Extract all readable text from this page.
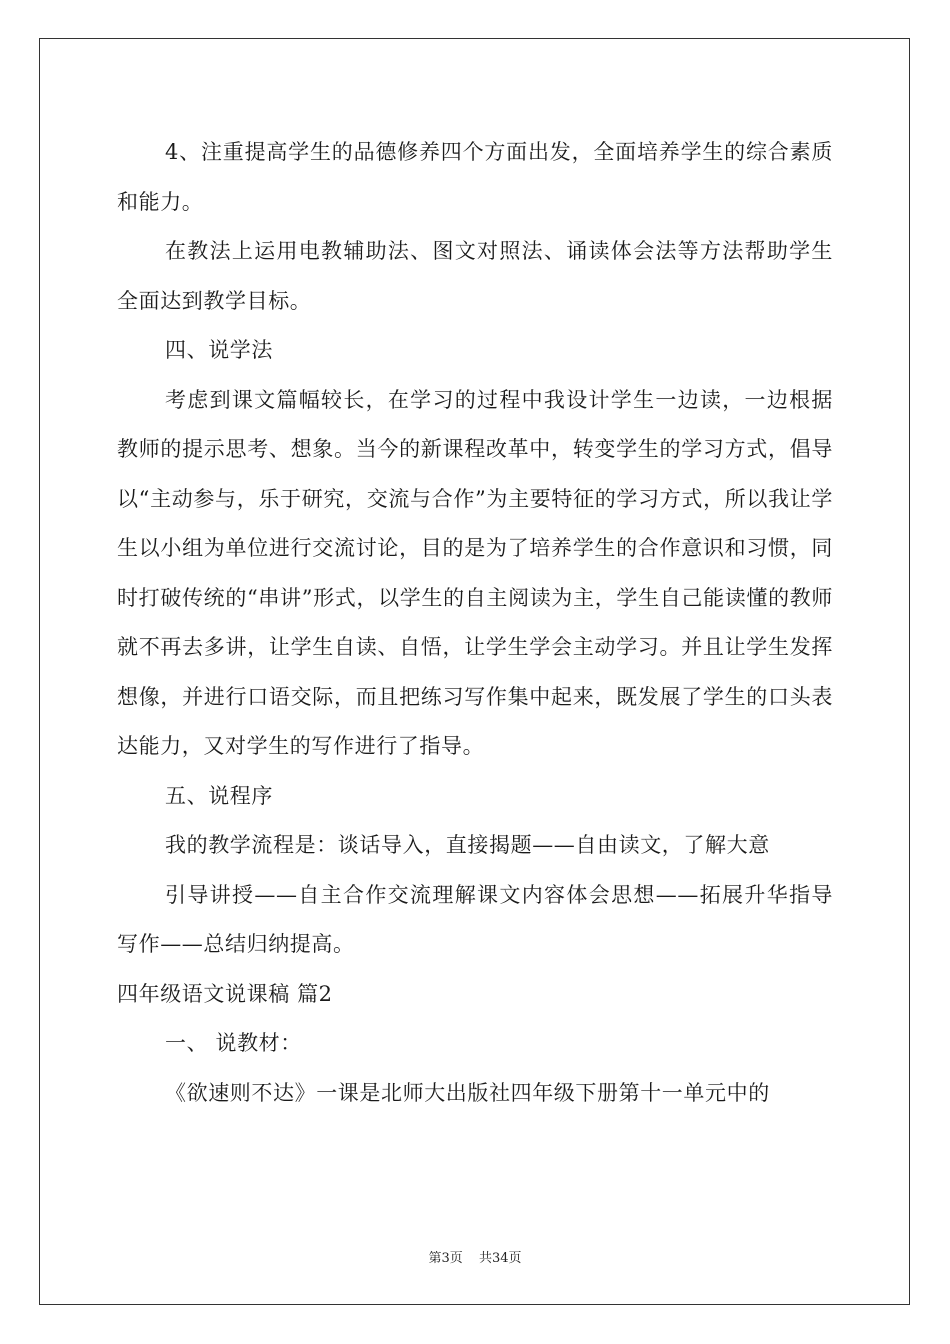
4、注重提高学生的品德修养四个方面出发，全面培养学生的综合素质和能力。

在教法上运用电教辅助法、图文对照法、诵读体会法等方法帮助学生全面达到教学目标。

四、说学法

考虑到课文篇幅较长，在学习的过程中我设计学生一边读，一边根据教师的提示思考、想象。当今的新课程改革中，转变学生的学习方式，倡导以“主动参与，乐于研究，交流与合作”为主要特征的学习方式，所以我让学生以小组为单位进行交流讨论，目的是为了培养学生的合作意识和习惯，同时打破传统的“串讲”形式，以学生的自主阅读为主，学生自己能读懂的教师就不再去多讲，让学生自读、自悟，让学生学会主动学习。并且让学生发挥想像，并进行口语交际，而且把练习写作集中起来，既发展了学生的口头表达能力，又对学生的写作进行了指导。

五、说程序

我的教学流程是：谈话导入，直接揭题——自由读文，了解大意

引导讲授——自主合作交流理解课文内容体会思想——拓展升华指导写作——总结归纳提高。

四年级语文说课稿 篇2

一、 说教材：

《欲速则不达》一课是北师大出版社四年级下册第十一单元中的

第3页 共34页
